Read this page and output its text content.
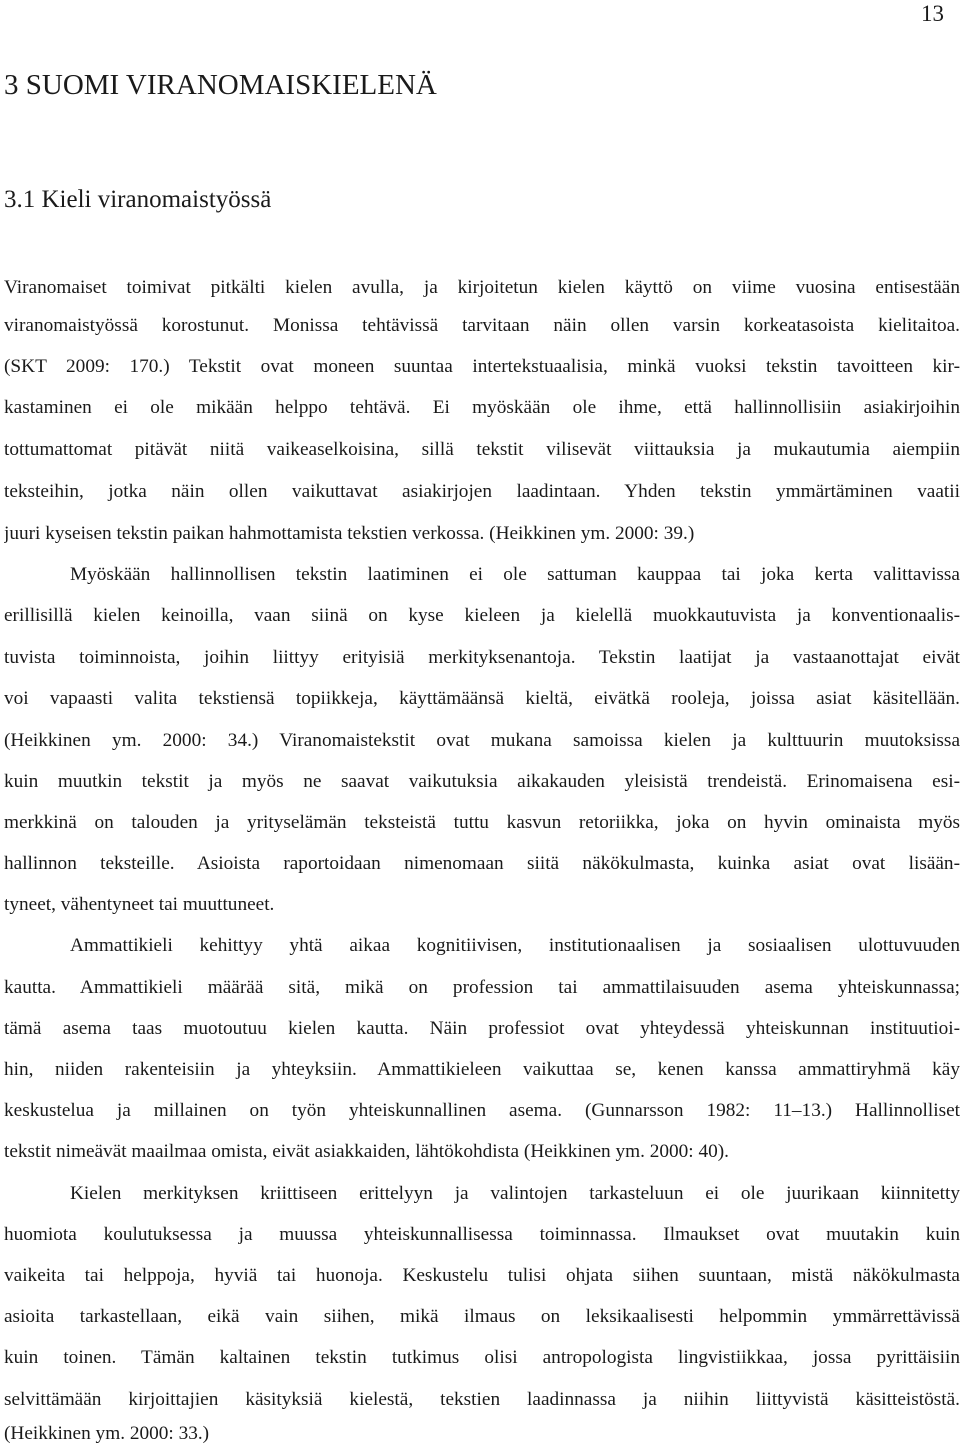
13
3 SUOMI VIRANOMAISKIELENÄ
3.1 Kieli viranomaistyössä
Viranomaiset toimivat pitkälti kielen avulla, ja kirjoitetun kielen käyttö on viime vuosina entisestään
viranomaistyössä korostunut. Monissa tehtävissä tarvitaan näin ollen varsin korkeatasoista kielitaitoa.
(SKT 2009: 170.) Tekstit ovat moneen suuntaa intertekstuaalisia, minkä vuoksi tekstin tavoitteen kir-
kastaminen ei ole mikään helppo tehtävä. Ei myöskään ole ihme, että hallinnollisiin asiakirjoihin
tottumattomat pitävät niitä vaikeaselkoisina, sillä tekstit vilisevät viittauksia ja mukautumia aiempiin
teksteihin, jotka näin ollen vaikuttavat asiakirjojen laadintaan. Yhden tekstin ymmärtäminen vaatii
juuri kyseisen tekstin paikan hahmottamista tekstien verkossa. (Heikkinen ym. 2000: 39.)
Myöskään hallinnollisen tekstin laatiminen ei ole sattuman kauppaa tai joka kerta valittavissa
erillisillä kielen keinoilla, vaan siinä on kyse kieleen ja kielellä muokkautuvista ja konventionaalis-
tuvista toiminnoista, joihin liittyy erityisiä merkityksenantoja. Tekstin laatijat ja vastaanottajat eivät
voi vapaasti valita tekstiensä topiikkeja, käyttämäänsä kieltä, eivätkä rooleja, joissa asiat käsitellään.
(Heikkinen ym. 2000: 34.) Viranomaistekstit ovat mukana samoissa kielen ja kulttuurin muutoksissa
kuin muutkin tekstit ja myös ne saavat vaikutuksia aikakauden yleisistä trendeistä. Erinomaisena esi-
merkkinä on talouden ja yrityselämän teksteistä tuttu kasvun retoriikka, joka on hyvin ominaista myös
hallinnon teksteille. Asioista raportoidaan nimenomaan siitä näkökulmasta, kuinka asiat ovat lisään-
tyneet, vähentyneet tai muuttuneet.
Ammattikieli kehittyy yhtä aikaa kognitiivisen, institutionaalisen ja sosiaalisen ulottuvuuden
kautta. Ammattikieli määrää sitä, mikä on profession tai ammattilaisuuden asema yhteiskunnassa;
tämä asema taas muotoutuu kielen kautta. Näin professiot ovat yhteydessä yhteiskunnan instituutioi-
hin, niiden rakenteisiin ja yhteyksiin. Ammattikieleen vaikuttaa se, kenen kanssa ammattiryhmä käy
keskustelua ja millainen on työn yhteiskunnallinen asema. (Gunnarsson 1982: 11–13.) Hallinnolliset
tekstit nimeävät maailmaa omista, eivät asiakkaiden, lähtökohdista (Heikkinen ym. 2000: 40).
Kielen merkityksen kriittiseen erittelyyn ja valintojen tarkasteluun ei ole juurikaan kiinnitetty
huomiota koulutuksessa ja muussa yhteiskunnallisessa toiminnassa. Ilmaukset ovat muutakin kuin
vaikeita tai helppoja, hyviä tai huonoja. Keskustelu tulisi ohjata siihen suuntaan, mistä näkökulmasta
asioita tarkastellaan, eikä vain siihen, mikä ilmaus on leksikaalisesti helpommin ymmärrettävissä
kuin toinen. Tämän kaltainen tekstin tutkimus olisi antropologista lingvistiikkaa, jossa pyrittäisiin
selvittämään kirjoittajien käsityksiä kielestä, tekstien laadinnassa ja niihin liittyvistä käsitteistöstä.
(Heikkinen ym. 2000: 33.)
